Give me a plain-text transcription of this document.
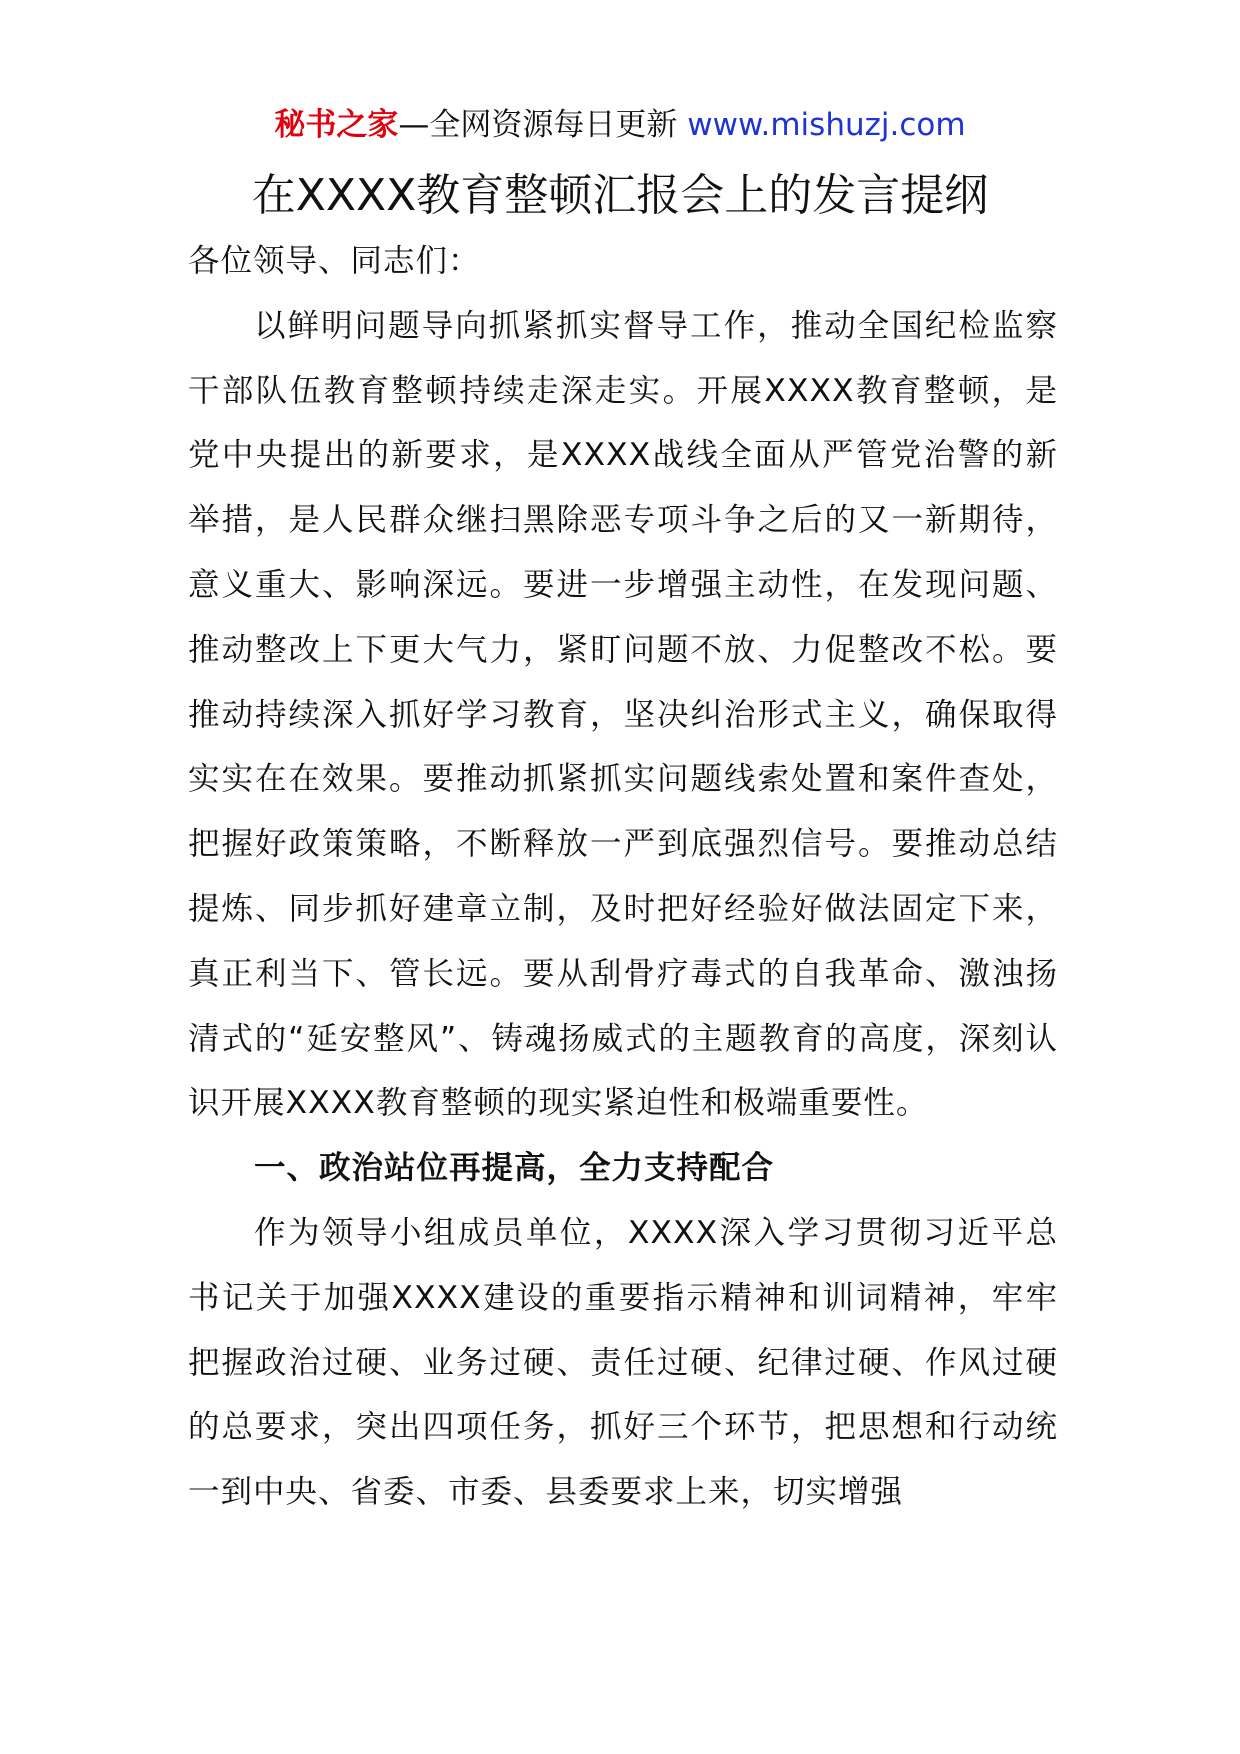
秘书之家—全网资源每日更新 www.mishuzj.com
在XXXX教育整顿汇报会上的发言提纲

各位领导、同志们：

以鲜明问题导向抓紧抓实督导工作，推动全国纪检监察干部队伍教育整顿持续走深走实。开展XXXX教育整顿，是党中央提出的新要求，是XXXX战线全面从严管党治警的新举措，是人民群众继扫黑除恶专项斗争之后的又一新期待，意义重大、影响深远。要进一步增强主动性，在发现问题、推动整改上下更大气力，紧盯问题不放、力促整改不松。要推动持续深入抓好学习教育，坚决纠治形式主义，确保取得实实在在效果。要推动抓紧抓实问题线索处置和案件查处，把握好政策策略，不断释放一严到底强烈信号。要推动总结提炼、同步抓好建章立制，及时把好经验好做法固定下来，真正利当下、管长远。要从刮骨疗毒式的自我革命、激浊扬清式的“延安整风”、铸魂扬威式的主题教育的高度，深刻认识开展XXXX教育整顿的现实紧迫性和极端重要性。

一、政治站位再提高，全力支持配合

作为领导小组成员单位，XXXX深入学习贯彻习近平总书记关于加强XXXX建设的重要指示精神和训词精神，牢牢把握政治过硬、业务过硬、责任过硬、纪律过硬、作风过硬的总要求，突出四项任务，抓好三个环节，把思想和行动统一到中央、省委、市委、县委要求上来，切实增强
